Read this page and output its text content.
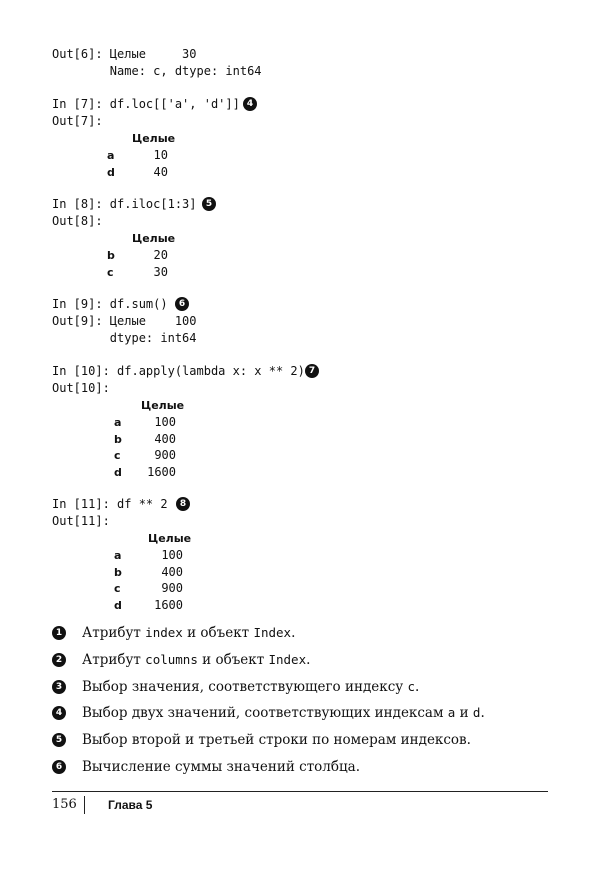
Out[6]: Целые     30

Name: c, dtype: int64

In [7]: df.loc[['a', 'd']]

Out[7]:

In [8]: df.iloc[1:3]

Out[8]:

In [9]: df.sum()

Out[9]: Целые    100

dtype: int64

In [10]: df.apply(lambda x: x ** 2)

Out[10]:

In [11]: df ** 2

Out[11]:

4
5
6
7
8
Целые
a	10
d	40
Целые
b	20
c	30
Целые
a	100
b	400
c	900
d	1600
Целые
a	100
b	400
c	900
d	1600
1 Атрибут index и объект Index.
2 Атрибут columns и объект Index.
3 Выбор значения, соответствующего индексу c.
4 Выбор двух значений, соответствующих индексам a и d.
5 Выбор второй и третьей строки по номерам индексов.
6 Вычисление суммы значений столбца.
156	Глава 5
